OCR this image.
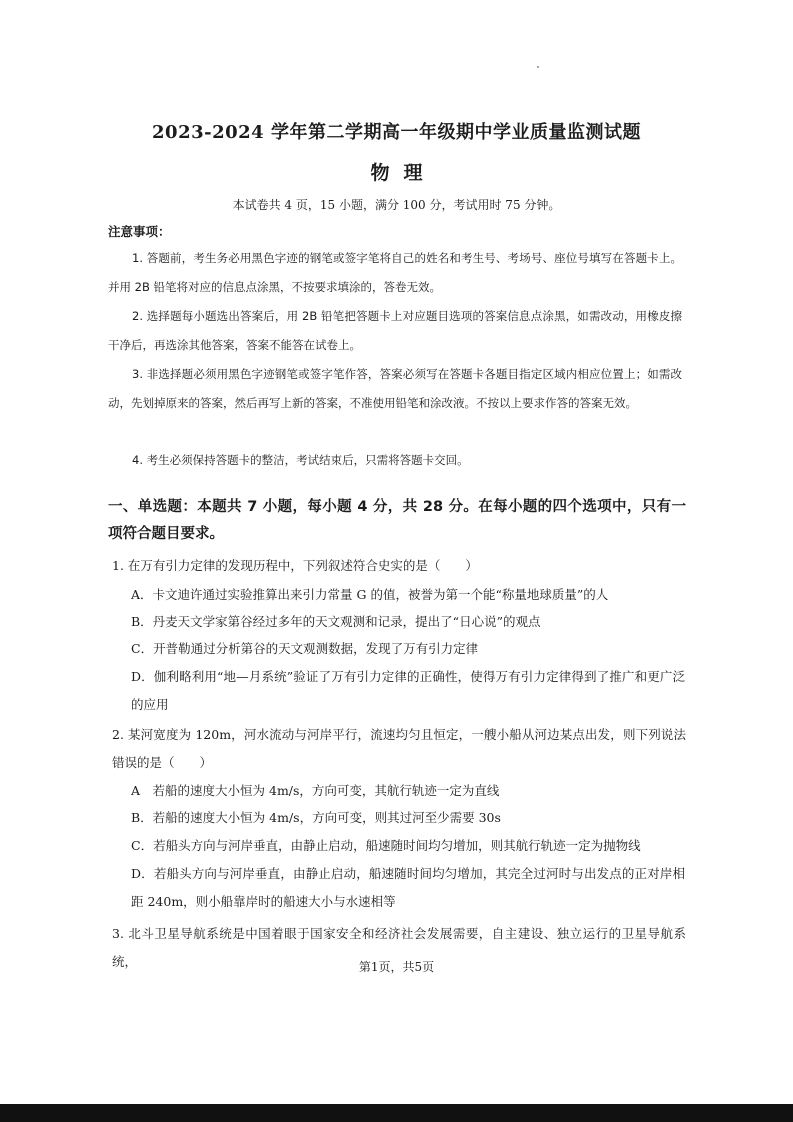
2023-2024 学年第二学期高一年级期中学业质量监测试题
物理
本试卷共 4 页，15 小题，满分 100 分，考试用时 75 分钟。
注意事项：
1. 答题前，考生务必用黑色字迹的钢笔或签字笔将自己的姓名和考生号、考场号、座位号填写在答题卡上。并用 2B 铅笔将对应的信息点涂黑，不按要求填涂的，答卷无效。
2. 选择题每小题选出答案后，用 2B 铅笔把答题卡上对应题目选项的答案信息点涂黑，如需改动，用橡皮擦干净后，再选涂其他答案，答案不能答在试卷上。
3. 非选择题必须用黑色字迹钢笔或签字笔作答，答案必须写在答题卡各题目指定区域内相应位置上；如需改动，先划掉原来的答案，然后再写上新的答案，不准使用铅笔和涂改液。不按以上要求作答的答案无效。
4. 考生必须保持答题卡的整洁，考试结束后，只需将答题卡交回。
一、单选题：本题共 7 小题，每小题 4 分，共 28 分。在每小题的四个选项中，只有一项符合题目要求。
1. 在万有引力定律的发现历程中，下列叙述符合史实的是（　　）
A．卡文迪许通过实验推算出来引力常量 G 的值，被誉为第一个能“称量地球质量”的人
B．丹麦天文学家第谷经过多年的天文观测和记录，提出了“日心说”的观点
C．开普勒通过分析第谷的天文观测数据，发现了万有引力定律
D．伽利略利用“地—月系统”验证了万有引力定律的正确性，使得万有引力定律得到了推广和更广泛的应用
2. 某河宽度为 120m，河水流动与河岸平行，流速均匀且恒定，一艘小船从河边某点出发，则下列说法错误的是（　　）
A　若船的速度大小恒为 4m/s，方向可变，其航行轨迹一定为直线
B．若船的速度大小恒为 4m/s，方向可变，则其过河至少需要 30s
C．若船头方向与河岸垂直，由静止启动，船速随时间均匀增加，则其航行轨迹一定为抛物线
D．若船头方向与河岸垂直，由静止启动，船速随时间均匀增加，其完全过河时与出发点的正对岸相距 240m，则小船靠岸时的船速大小与水速相等
3. 北斗卫星导航系统是中国着眼于国家安全和经济社会发展需要，自主建设、独立运行的卫星导航系统，	第1页，共5页
